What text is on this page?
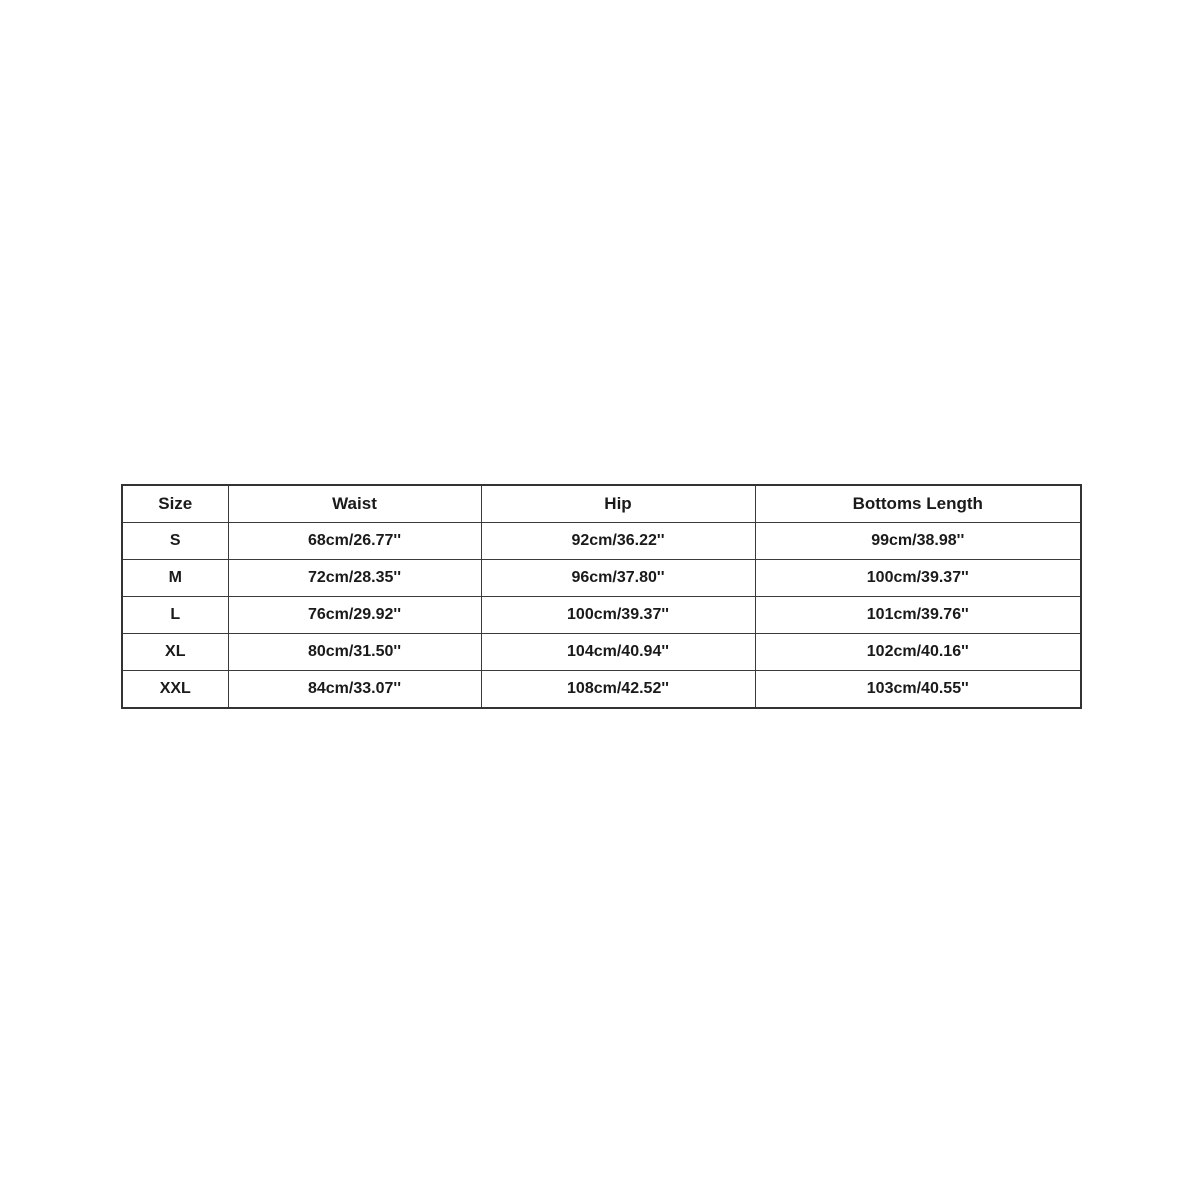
Size	Waist	Hip	Bottoms Length
S	68cm/26.77''	92cm/36.22''	99cm/38.98''
M	72cm/28.35''	96cm/37.80''	100cm/39.37''
L	76cm/29.92''	100cm/39.37''	101cm/39.76''
XL	80cm/31.50''	104cm/40.94''	102cm/40.16''
XXL	84cm/33.07''	108cm/42.52''	103cm/40.55''
